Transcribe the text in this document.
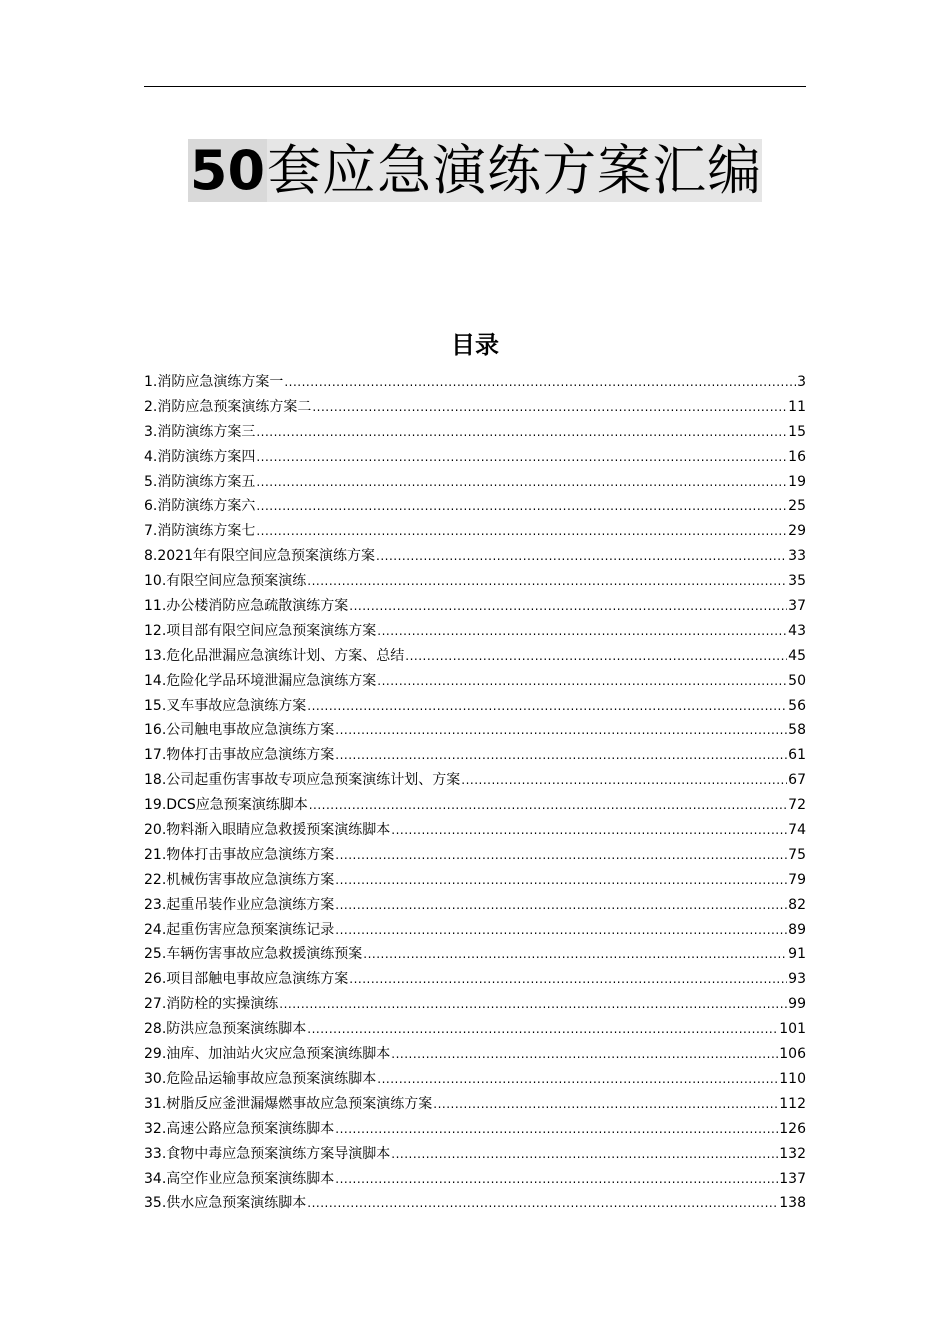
50套应急演练方案汇编
目录
1.消防应急演练方案一 .....	3
2.消防应急预案演练方案二 .....	11
3.消防演练方案三 .....	15
4.消防演练方案四 .....	16
5.消防演练方案五 .....	19
6.消防演练方案六 .....	25
7.消防演练方案七 .....	29
8.2021年有限空间应急预案演练方案 .....	33
10.有限空间应急预案演练 .....	35
11.办公楼消防应急疏散演练方案 .....	37
12.项目部有限空间应急预案演练方案 .....	43
13.危化品泄漏应急演练计划、方案、总结 .....	45
14.危险化学品环境泄漏应急演练方案 .....	50
15.叉车事故应急演练方案 .....	56
16.公司触电事故应急演练方案 .....	58
17.物体打击事故应急演练方案 .....	61
18.公司起重伤害事故专项应急预案演练计划、方案 .....	67
19.DCS应急预案演练脚本 .....	72
20.物料渐入眼睛应急救援预案演练脚本 .....	74
21.物体打击事故应急演练方案 .....	75
22.机械伤害事故应急演练方案 .....	79
23.起重吊装作业应急演练方案 .....	82
24.起重伤害应急预案演练记录 .....	89
25.车辆伤害事故应急救援演练预案 .....	91
26.项目部触电事故应急演练方案 .....	93
27.消防栓的实操演练 .....	99
28.防洪应急预案演练脚本 .....	101
29.油库、加油站火灾应急预案演练脚本 .....	106
30.危险品运输事故应急预案演练脚本 .....	110
31.树脂反应釜泄漏爆燃事故应急预案演练方案 .....	112
32.高速公路应急预案演练脚本 .....	126
33.食物中毒应急预案演练方案导演脚本 .....	132
34.高空作业应急预案演练脚本 .....	137
35.供水应急预案演练脚本 .....	138
